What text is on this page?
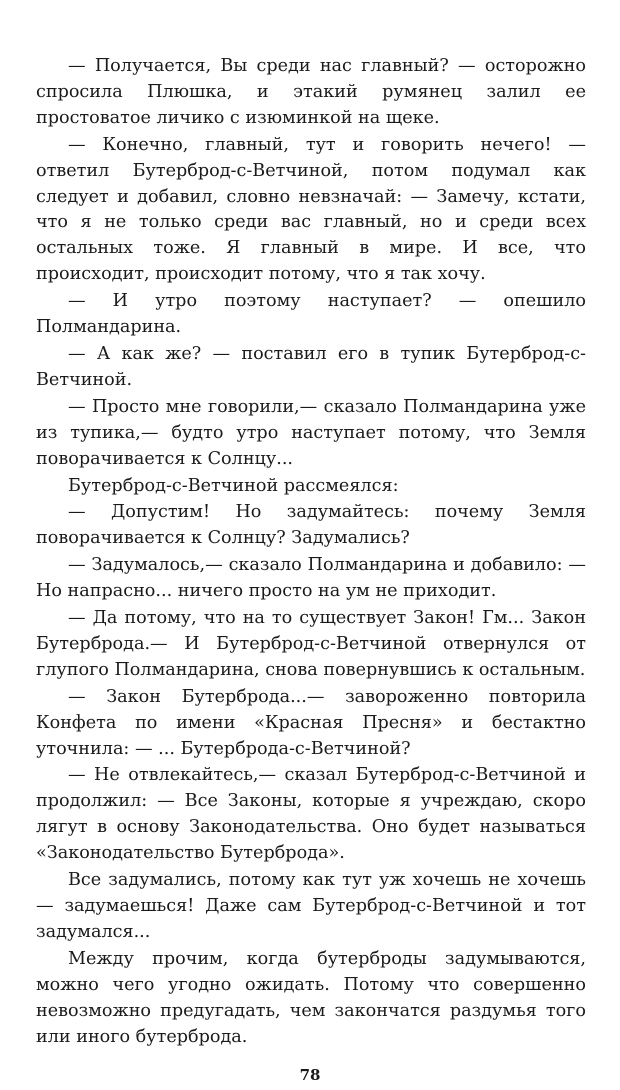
— Получается, Вы среди нас главный? — осторожно спросила Плюшка, и этакий румянец залил ее простоватое личико с изюминкой на щеке.

— Конечно, главный, тут и говорить нечего! — ответил Бутерброд-с-Ветчиной, потом подумал как следует и добавил, словно невзначай: — Замечу, кстати, что я не только среди вас главный, но и среди всех остальных тоже. Я главный в мире. И все, что происходит, происходит потому, что я так хочу.

— И утро поэтому наступает? — опешило Полмандарина.

— А как же? — поставил его в тупик Бутерброд-с-Ветчиной.

— Просто мне говорили,— сказало Полмандарина уже из тупика,— будто утро наступает потому, что Земля поворачивается к Солнцу...

Бутерброд-с-Ветчиной рассмеялся:

— Допустим! Но задумайтесь: почему Земля поворачивается к Солнцу? Задумались?

— Задумалось,— сказало Полмандарина и добавило: — Но напрасно... ничего просто на ум не приходит.

— Да потому, что на то существует Закон! Гм... Закон Бутерброда.— И Бутерброд-с-Ветчиной отвернулся от глупого Полмандарина, снова повернувшись к остальным.

— Закон Бутерброда...— завороженно повторила Конфета по имени «Красная Пресня» и бестактно уточнила: — ... Бутерброда-с-Ветчиной?

— Не отвлекайтесь,— сказал Бутерброд-с-Ветчиной и продолжил: — Все Законы, которые я учреждаю, скоро лягут в основу Законодательства. Оно будет называться «Законодательство Бутерброда».

Все задумались, потому как тут уж хочешь не хочешь — задумаешься! Даже сам Бутерброд-с-Ветчиной и тот задумался...

Между прочим, когда бутерброды задумываются, можно чего угодно ожидать. Потому что совершенно невозможно предугадать, чем закончатся раздумья того или иного бутерброда.

78
